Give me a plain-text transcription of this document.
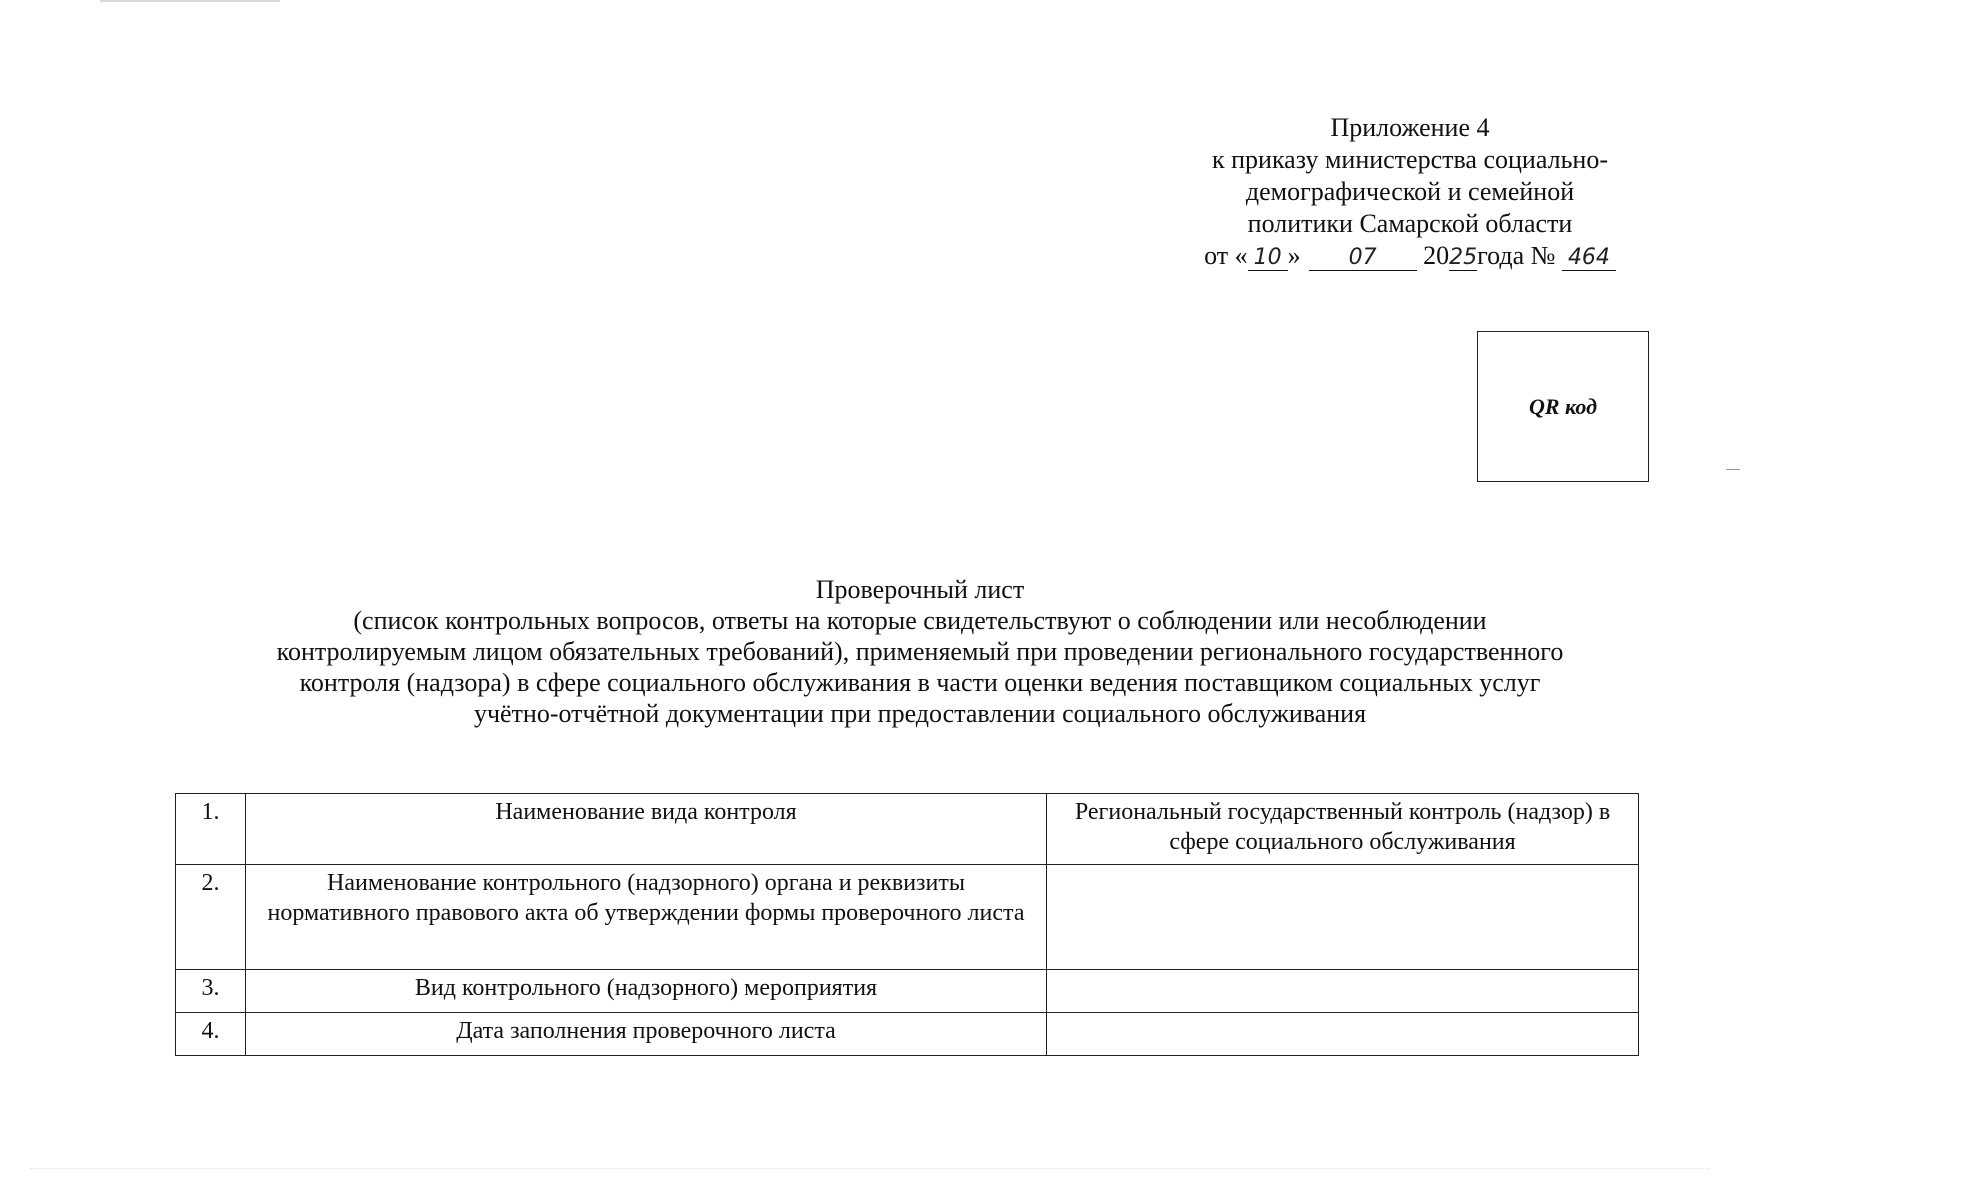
Приложение 4
к приказу министерства социально-
демографической и семейной
политики Самарской области
от « 10 » 07 2025года № 464
QR код
Проверочный лист
(список контрольных вопросов, ответы на которые свидетельствуют о соблюдении или несоблюдении
контролируемым лицом обязательных требований), применяемый при проведении регионального государственного
контроля (надзора) в сфере социального обслуживания в части оценки ведения поставщиком социальных услуг
учётно-отчётной документации при предоставлении социального обслуживания
1.	Наименование вида контроля	Региональный государственный контроль (надзор) в сфере социального обслуживания
2.	Наименование контрольного (надзорного) органа и реквизиты нормативного правового акта об утверждении формы проверочного листа	
3.	Вид контрольного (надзорного) мероприятия	
4.	Дата заполнения проверочного листа	
